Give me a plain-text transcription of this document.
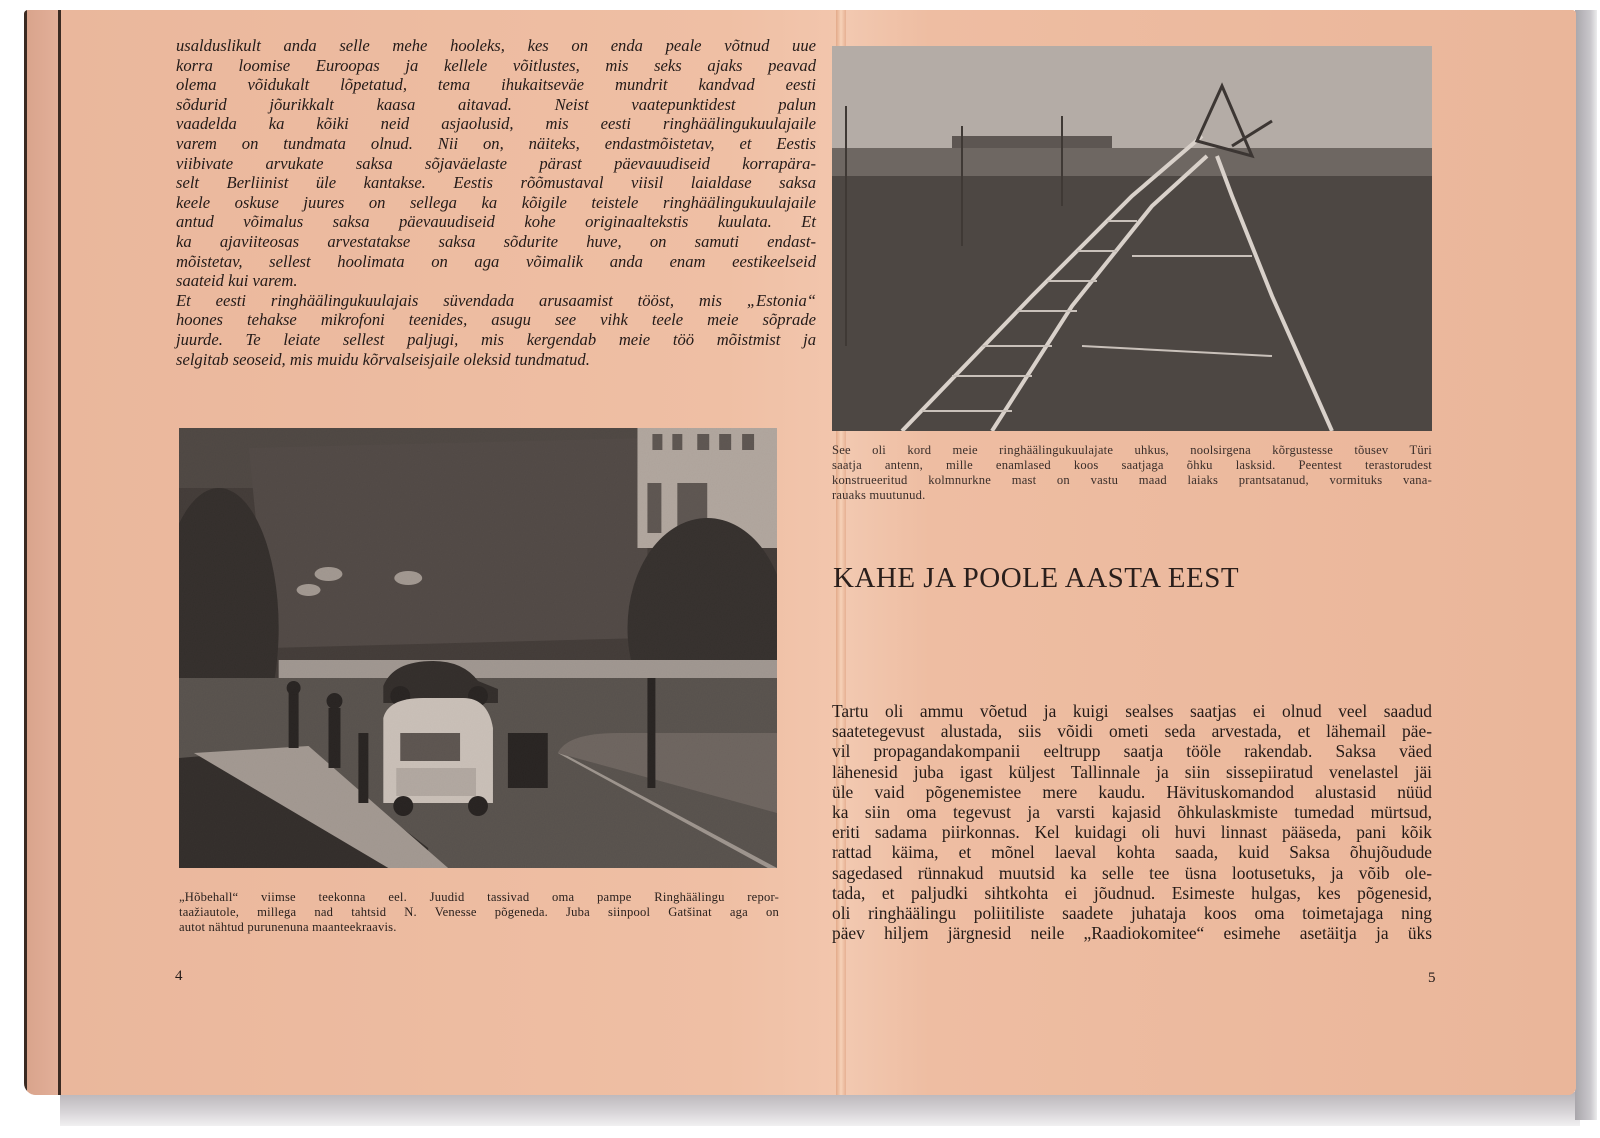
usalduslikult anda selle mehe hooleks, kes on enda peale võtnud uue
korra loomise Euroopas ja kellele võitlustes, mis seks ajaks peavad
olema võidukalt lõpetatud, tema ihukaitseväe mundrit kandvad eesti
sõdurid jõurikkalt kaasa aitavad. Neist vaatepunktidest palun
vaadelda ka kõiki neid asjaolusid, mis eesti ringhäälingukuulajaile
varem on tundmata olnud. Nii on, näiteks, endastmõistetav, et Eestis
viibivate arvukate saksa sõjaväelaste pärast päevauudiseid korrapära-
selt Berliinist üle kantakse. Eestis rõõmustaval viisil laialdase saksa
keele oskuse juures on sellega ka kõigile teistele ringhäälingukuulajaile
antud võimalus saksa päevauudiseid kohe originaaltekstis kuulata. Et
ka ajaviiteosas arvestatakse saksa sõdurite huve, on samuti endast-
mõistetav, sellest hoolimata on aga võimalik anda enam eestikeelseid
saateid kui varem.
Et eesti ringhäälingukuulajais süvendada arusaamist tööst, mis „Estonia“
hoones tehakse mikrofoni teenides, asugu see vihk teele meie sõprade
juurde. Te leiate sellest paljugi, mis kergendab meie töö mõistmist ja
selgitab seoseid, mis muidu kõrvalseisjaile oleksid tundmatud.
„Hõbehall“ viimse teekonna eel. Juudid tassivad oma pampe Ringhäälingu repor-
taažiautole, millega nad tahtsid N. Venesse põgeneda. Juba siinpool Gatšinat aga on
autot nähtud purunenuna maanteekraavis.
4
See oli kord meie ringhäälingukuulajate uhkus, noolsirgena kõrgustesse tõusev Türi
saatja antenn, mille enamlased koos saatjaga õhku lasksid. Peentest terastorudest
konstrueeritud kolmnurkne mast on vastu maad laiaks prantsatanud, vormituks vana-
rauaks muutunud.
KAHE JA POOLE AASTA EEST
Tartu oli ammu võetud ja kuigi sealses saatjas ei olnud veel saadud
saatetegevust alustada, siis võidi ometi seda arvestada, et lähemail päe-
vil propagandakompanii eeltrupp saatja tööle rakendab. Saksa väed
lähenesid juba igast küljest Tallinnale ja siin sissepiiratud venelastel jäi
üle vaid põgenemistee mere kaudu. Hävituskomandod alustasid nüüd
ka siin oma tegevust ja varsti kajasid õhkulaskmiste tumedad mürtsud,
eriti sadama piirkonnas. Kel kuidagi oli huvi linnast pääseda, pani kõik
rattad käima, et mõnel laeval kohta saada, kuid Saksa õhujõudude
sagedased rünnakud muutsid ka selle tee üsna lootusetuks, ja võib ole-
tada, et paljudki sihtkohta ei jõudnud. Esimeste hulgas, kes põgenesid,
oli ringhäälingu poliitiliste saadete juhataja koos oma toimetajaga ning
päev hiljem järgnesid neile „Raadiokomitee“ esimehe asetäitja ja üks
5
